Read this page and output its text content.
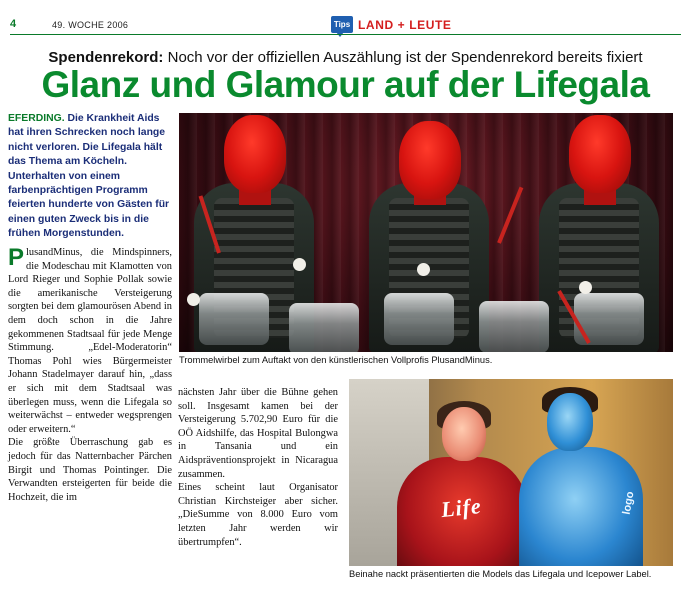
4	49. WOCHE 2006	Tips LAND + LEUTE
Spendenrekord: Noch vor der offiziellen Auszählung ist der Spendenrekord bereits fixiert
Glanz und Glamour auf der Lifegala
EFERDING. Die Krankheit Aids hat ihren Schrecken noch lange nicht verloren. Die Lifegala hält das Thema am Köcheln. Unterhalten von einem farbenprächtigen Programm feierten hunderte von Gästen für einen guten Zweck bis in die frühen Morgenstunden.

PlusandMinus, die Mindspinners, die Modeschau mit Klamotten von Lord Rieger und Sophie Pollak sowie die amerikanische Versteigerung sorgten bei dem glamourösen Abend in dem doch schon in die Jahre gekommenen Stadtsaal für jede Menge Stimmung. „Edel-Moderatorin“ Thomas Pohl wies Bürgermeister Johann Stadelmayer darauf hin, „dass er sich mit dem Stadtsaal was überlegen muss, wenn die Lifegala so weiterwächst – entweder wegsprengen oder erweitern.“

Die größte Überraschung gab es jedoch für das Natternbacher Pärchen Birgit und Thomas Pointinger. Die Verwandten ersteigerten für beide die Hochzeit, die im

nächsten Jahr über die Bühne gehen soll. Insgesamt kamen bei der Versteigerung 5.702,90 Euro für die OÖ Aidshilfe, das Hospital Bulongwa in Tansania und ein Aidspräventionsprojekt in Nicaragua zusammen.

Eines scheint laut Organisator Christian Kirchsteiger aber sicher. „DieSumme von 8.000 Euro vom letzten Jahr werden wir übertrumpfen“.

Trommelwirbel zum Auftakt von den künstlerischen Vollprofis PlusandMinus.
Life	logo
Beinahe nackt präsentierten die Models das Lifegala und Icepower Label.
